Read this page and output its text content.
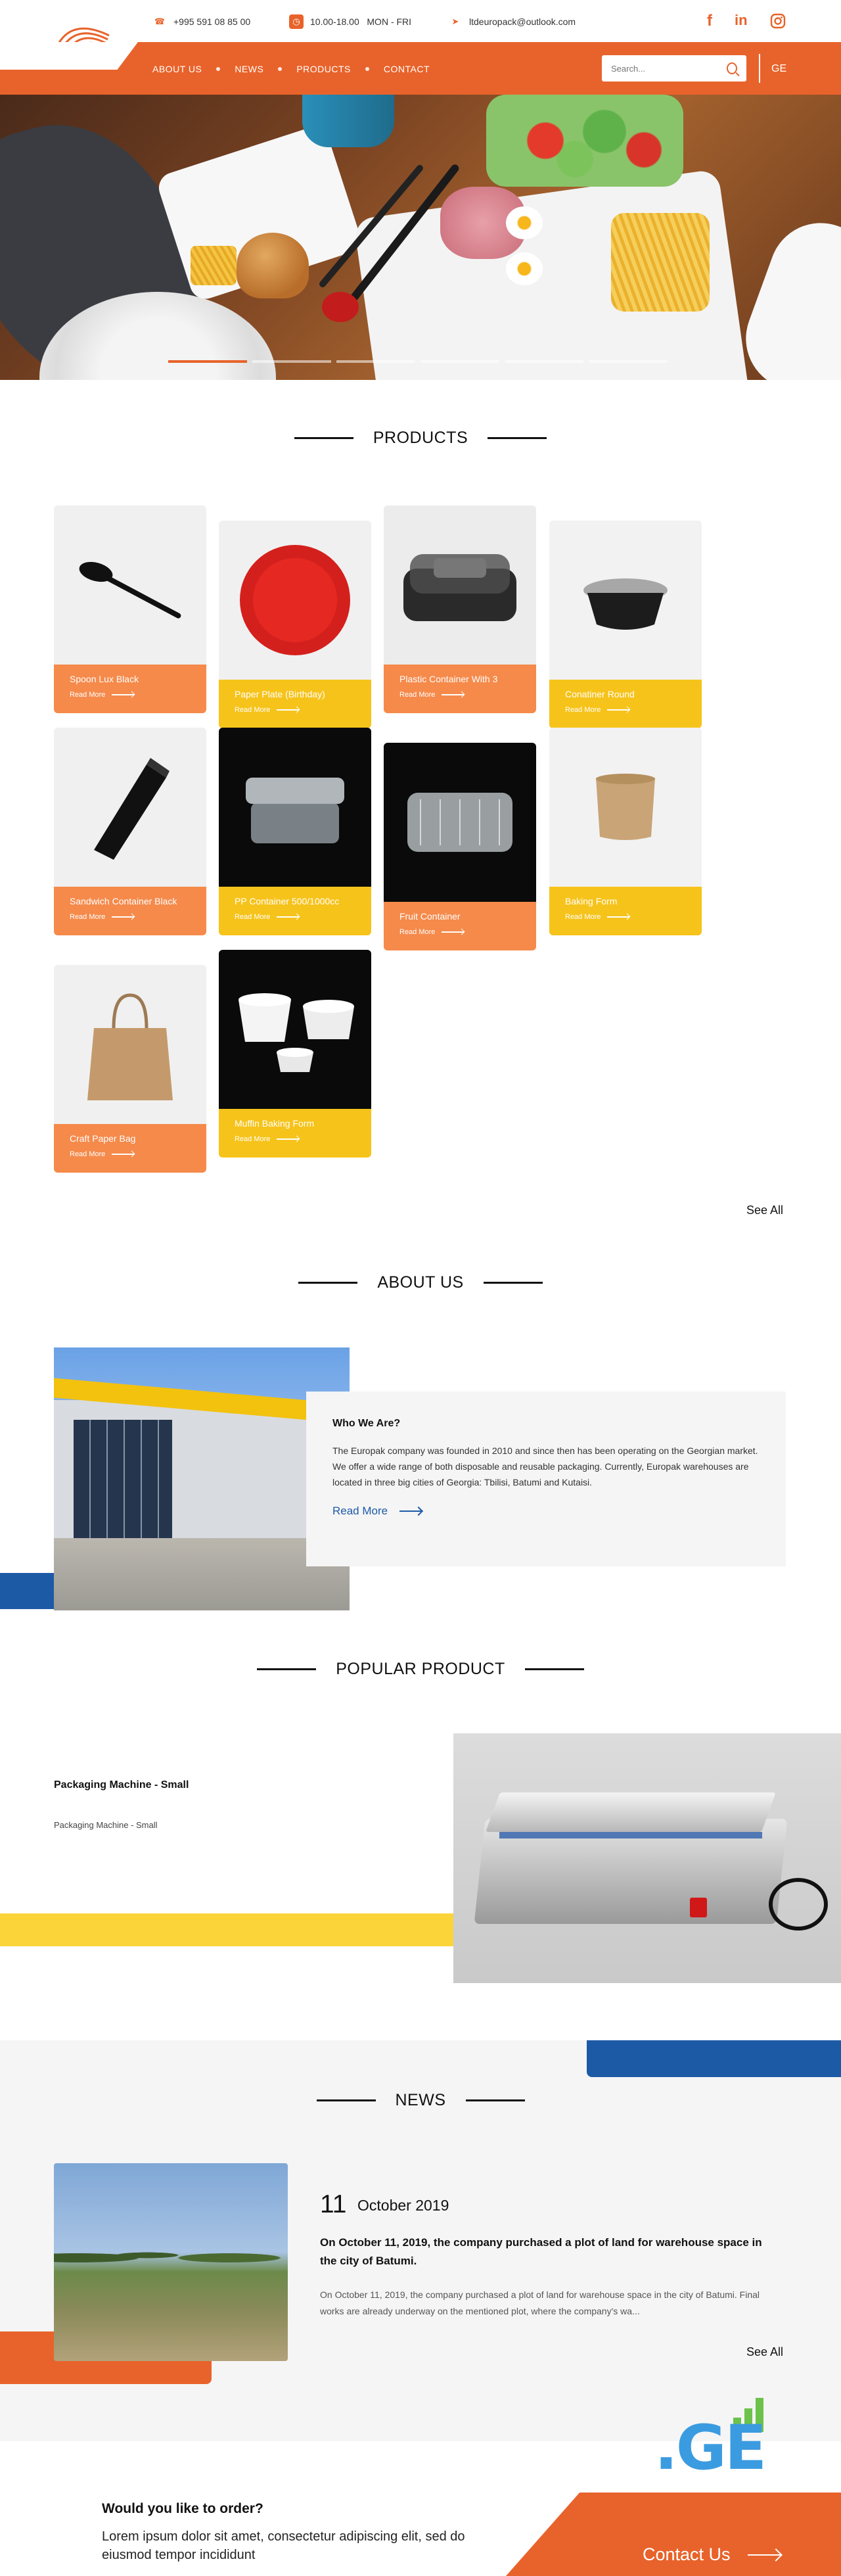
☎ +995 591 08 85 00	◷	10.00-18.00   MON - FRI	➤	ltdeuropack@outlook.com	f in
ABOUT US	NEWS	PRODUCTS	CONTACT
Search...	GE
PRODUCTS
Spoon Lux Black
Read More	Paper Plate (Birthday)
Read More
Plastic Container With 3
Read More	Conatiner Round
Read More
Sandwich Container Black
Read More
PP Container 500/1000cc
Read More	Fruit Container
Read More
Baking Form
Read More
Craft Paper Bag
Read More
Muffin Baking Form
Read More
See All
ABOUT US
Who We Are?

The Europak company was founded in 2010 and since then has been operating on the Georgian market. We offer a wide range of both disposable and reusable packaging. Currently, Europak warehouses are located in three big cities of Georgia: Tbilisi, Batumi and Kutaisi.

Read More
POPULAR PRODUCT
Packaging Machine - Small
Packaging Machine - Small
NEWS
11 October 2019
On October 11, 2019, the company purchased a plot of land for warehouse space in the city of Batumi.
On October 11, 2019, the company purchased a plot of land for warehouse space in the city of Batumi. Final works are already underway on the mentioned plot, where the company's wa...
See All
.GE
Would you like to order?
Lorem ipsum dolor sit amet, consectetur adipiscing elit, sed do eiusmod tempor incididunt	Contact Us
